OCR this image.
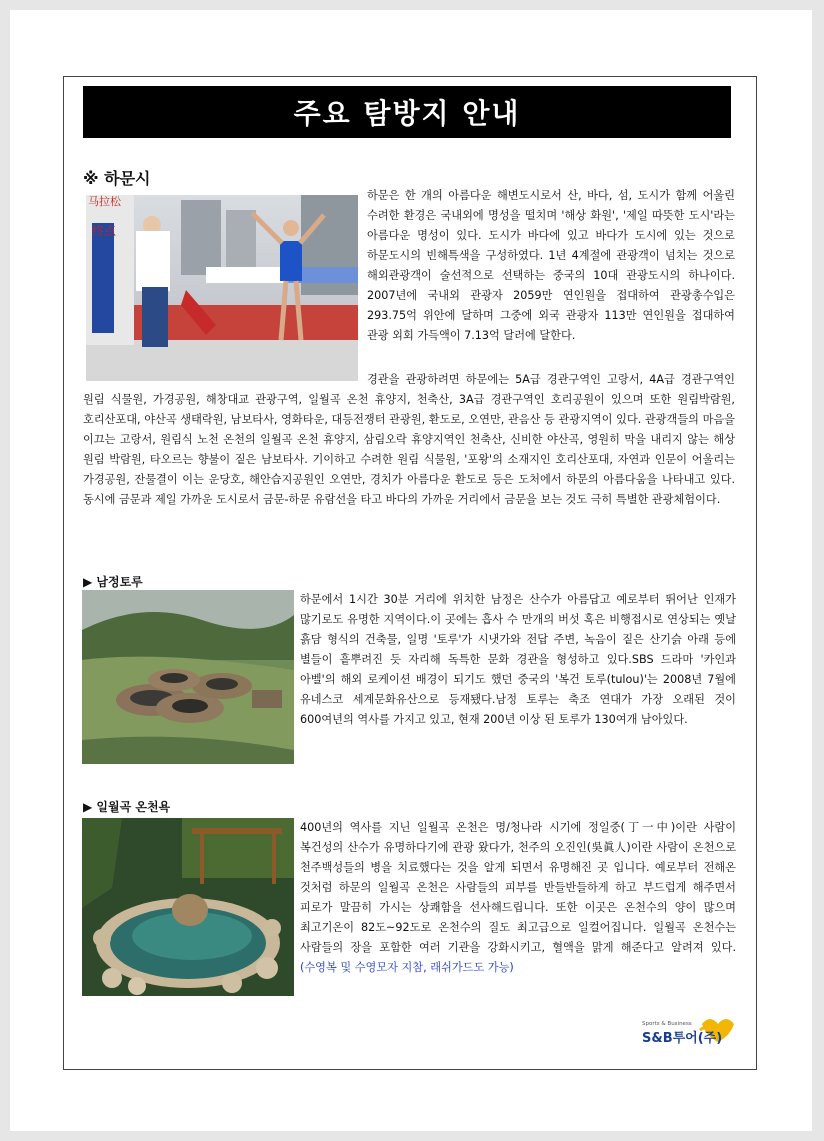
주요 탐방지 안내
※ 하문시
马拉松
终点
하문은 한 개의 아름다운 해변도시로서 산, 바다, 섬, 도시가 함께 어울린 수려한 환경은 국내외에 명성을 떨치며 '해상 화원', '제일 따뜻한 도시'라는 아름다운 명성이 있다. 도시가 바다에 있고 바다가 도시에 있는 것으로 하문도시의 빈해특색을 구성하였다. 1년 4계절에 관광객이 넘치는 것으로 해외관광객이 술선적으로 선택하는 중국의 10대 관광도시의 하나이다. 2007년에 국내외 관광자 2059만 연인원을 접대하여 관광총수입은 293.75억 위안에 달하며 그중에 외국 관광자 113만 연인원을 접대하여 관광 외회 가득액이 7.13억 달러에 달한다.
경관을 관광하려면 하문에는 5A급 경관구역인 고랑서, 4A급 경관구역인 원림 식물원, 가경공원, 해창대교 관광구역, 일월곡 온천 휴양지, 천축산, 3A급 경관구역인 호리공원이 있으며 또한 원림박람원, 호리산포대, 야산곡 생태락원, 남보타사, 영화타운, 대등전쟁터 관광원, 환도로, 오연만, 관음산 등 관광지역이 있다. 관광객들의 마음을 이끄는 고랑서, 원림식 노천 온천의 일월곡 온천 휴양지, 삼림오락 휴양지역인 천축산, 신비한 야산곡, 영원히 막을 내리지 않는 해상 원림 박람원, 타오르는 향불이 짙은 남보타사. 기이하고 수려한 원림 식물원, '포왕'의 소재지인 호리산포대, 자연과 인문이 어울리는 가경공원, 잔물결이 이는 운당호, 해안습지공원인 오연만, 경치가 아름다운 환도로 등은 도처에서 하문의 아름다움을 나타내고 있다. 동시에 금문과 제일 가까운 도시로서 금문-하문 유람선을 타고 바다의 가까운 거리에서 금문을 보는 것도 극히 특별한 관광체험이다.
▶ 남정토루
하문에서 1시간 30분 거리에 위치한 남정은 산수가 아름답고 예로부터 뛰어난 인재가 많기로도 유명한 지역이다.이 곳에는 흡사 수 만개의 버섯 혹은 비행접시로 연상되는 옛날 흙담 형식의 건축물, 일명 '토루'가 시냇가와 전답 주변, 녹음이 짙은 산기슭 아래 등에 별들이 흩뿌려진 듯 자리해 독특한 문화 경관을 형성하고 있다.SBS 드라마 '카인과 아벨'의 해외 로케이션 배경이 되기도 했던 중국의 '복건 토루(tulou)'는 2008년 7월에 유네스코 세계문화유산으로 등재됐다.남정 토루는 축조 연대가 가장 오래된 것이 600여년의 역사를 가지고 있고, 현재 200년 이상 된 토루가 130여개 남아있다.
▶ 일월곡 온천욕
400년의 역사를 지닌 일월곡 온천은 명/청나라 시기에 정일중(丁一中)이란 사람이 복건성의 산수가 유명하다기에 관광 왔다가, 천주의 오진인(吳眞人)이란 사람이 온천으로 천주백성들의 병을 치료했다는 것을 알게 되면서 유명해진 곳 입니다. 예로부터 전해온 것처럼 하문의 일월곡 온천은 사람들의 피부를 반들반들하게 하고 부드럽게 해주면서 피로가 말끔히 가시는 상쾌함을 선사해드립니다. 또한 이곳은 온천수의 양이 많으며 최고기온이 82도~92도로 온천수의 질도 최고급으로 일컬어집니다. 일월곡 온천수는 사람들의 장을 포함한 여러 기관을 강화시키고, 혈액을 맑게 해준다고 알려져 있다. (수영복 및 수영모자 지참, 래쉬가드도 가능)
Sports & Business
S&B투어(주)
